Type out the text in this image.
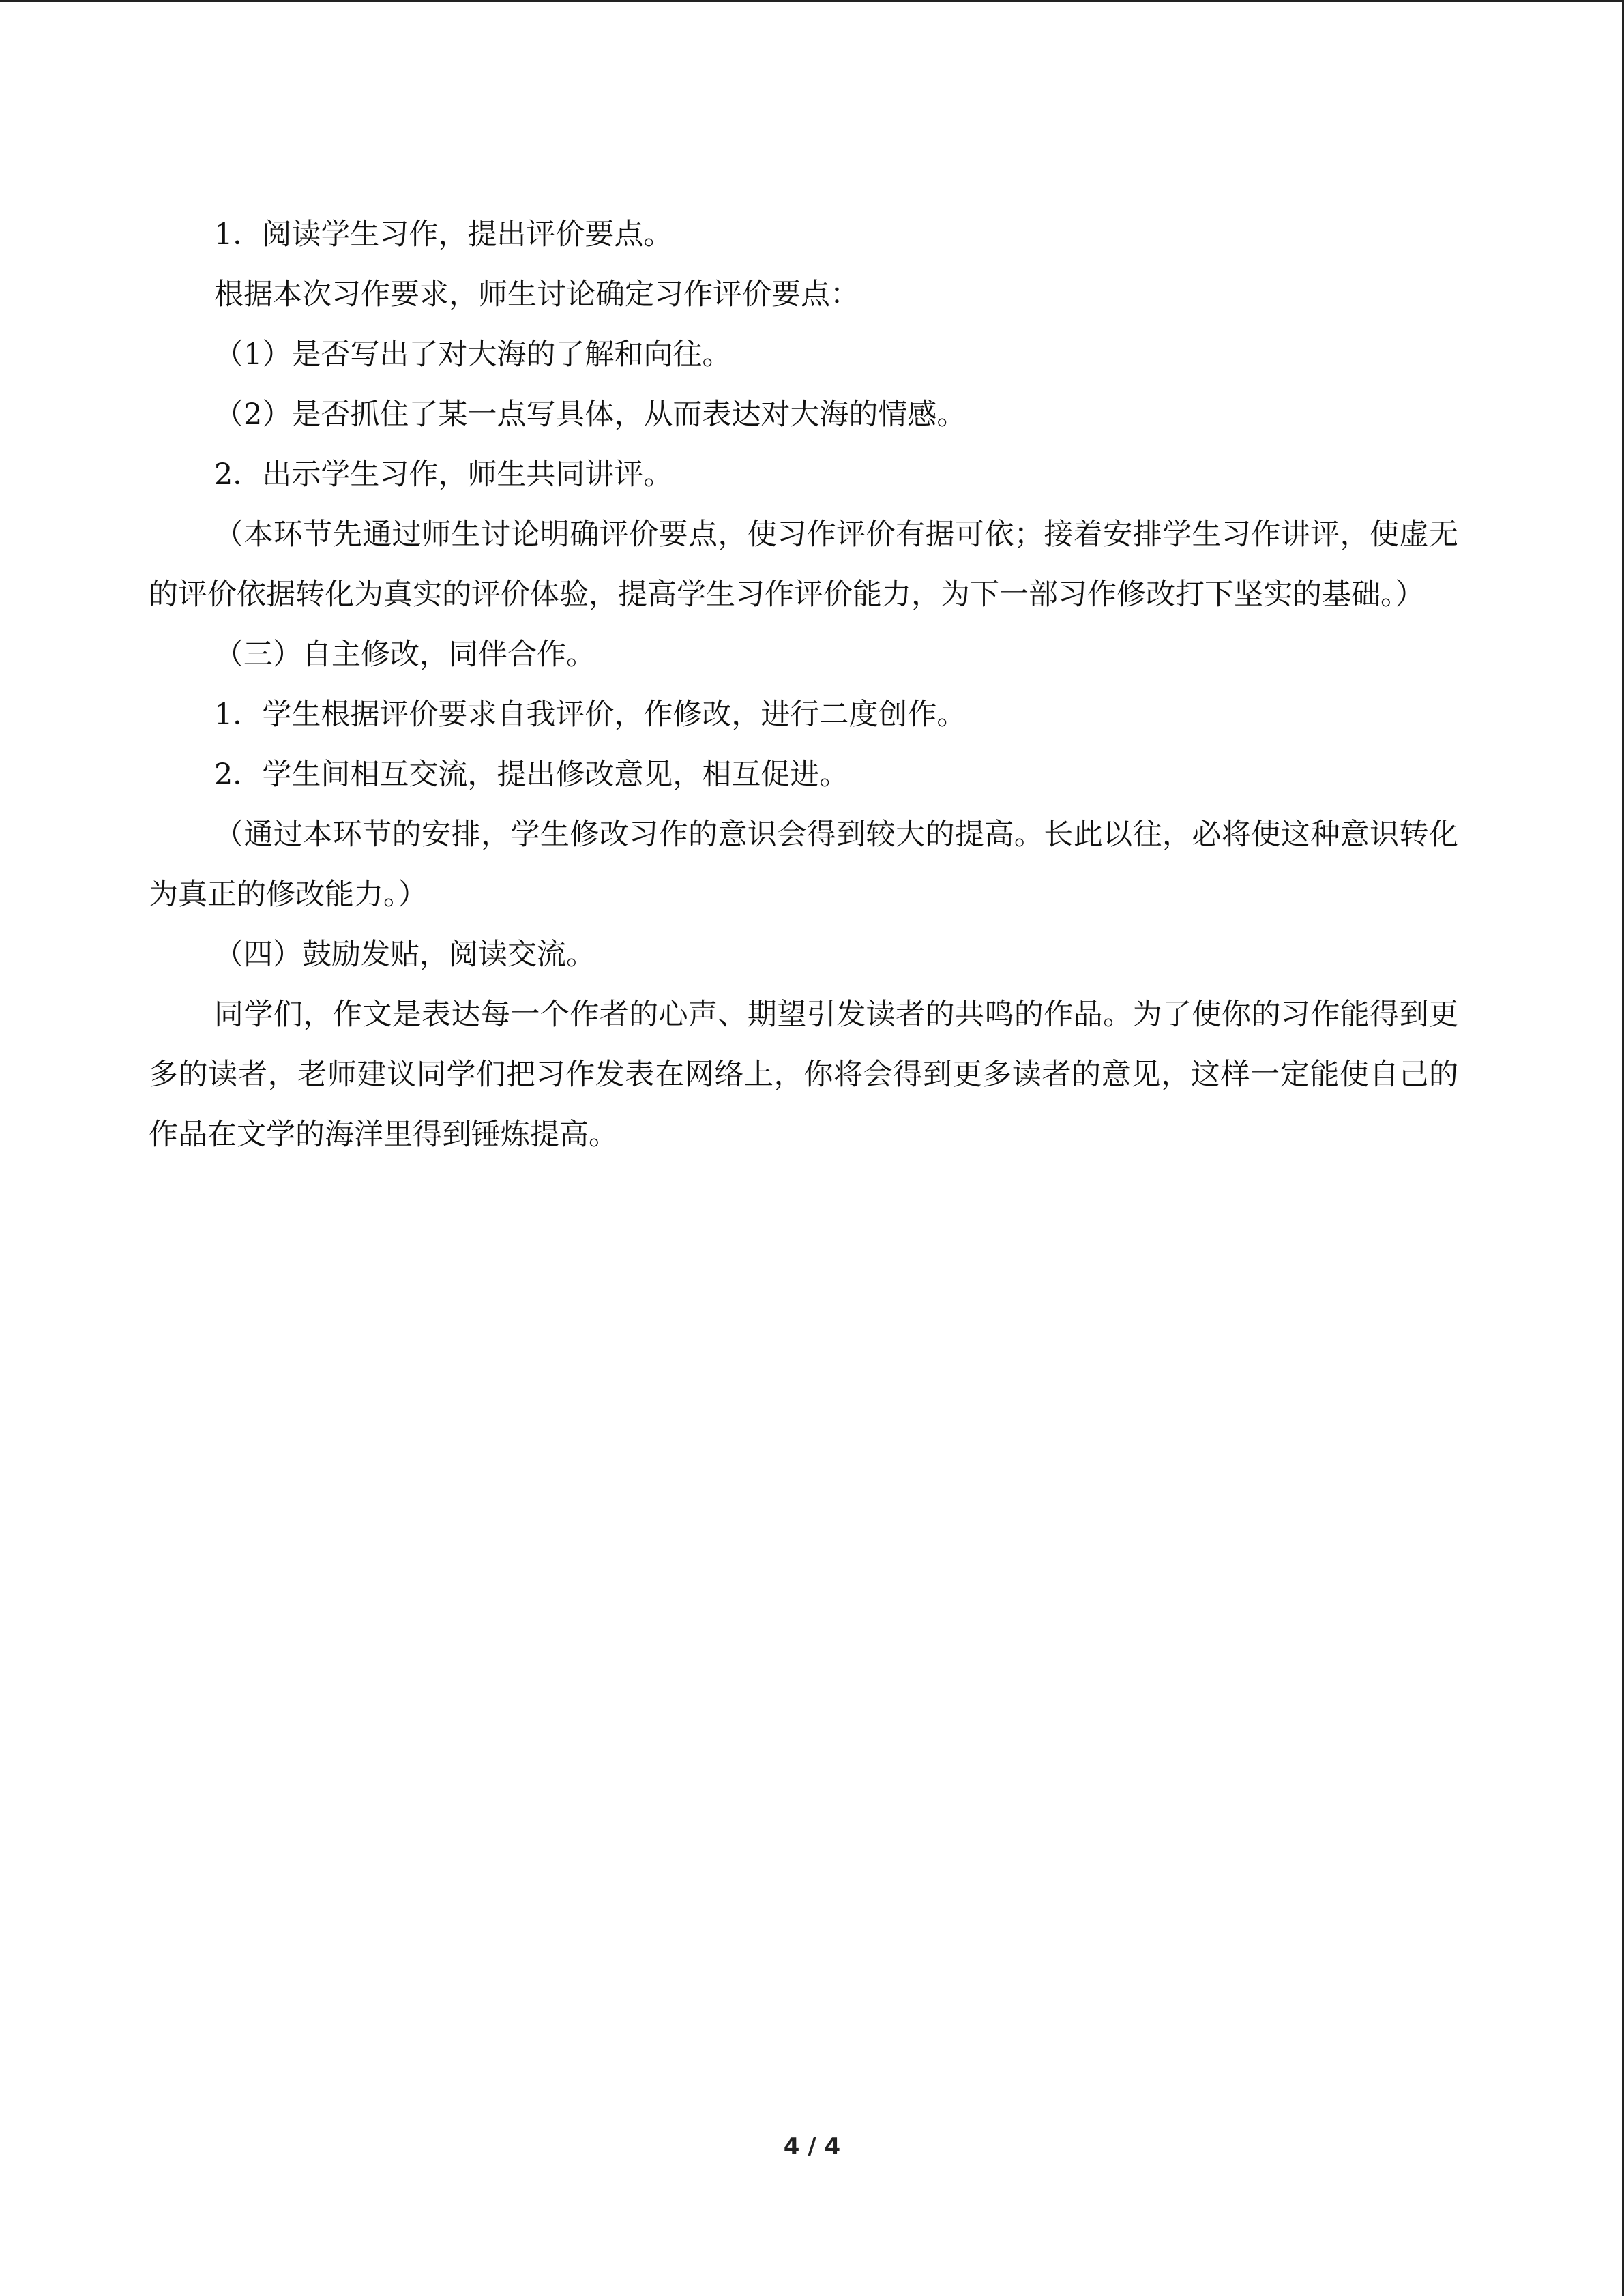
1．阅读学生习作，提出评价要点。

根据本次习作要求，师生讨论确定习作评价要点：

（1）是否写出了对大海的了解和向往。

（2）是否抓住了某一点写具体，从而表达对大海的情感。

2．出示学生习作，师生共同讲评。

（本环节先通过师生讨论明确评价要点，使习作评价有据可依；接着安排学生习作讲评，使虚无的评价依据转化为真实的评价体验，提高学生习作评价能力，为下一部习作修改打下坚实的基础。）

（三）自主修改，同伴合作。

1．学生根据评价要求自我评价，作修改，进行二度创作。

2．学生间相互交流，提出修改意见，相互促进。

（通过本环节的安排，学生修改习作的意识会得到较大的提高。长此以往，必将使这种意识转化为真正的修改能力。）

（四）鼓励发贴，阅读交流。

同学们，作文是表达每一个作者的心声、期望引发读者的共鸣的作品。为了使你的习作能得到更多的读者，老师建议同学们把习作发表在网络上，你将会得到更多读者的意见，这样一定能使自己的作品在文学的海洋里得到锤炼提高。

4 / 4
